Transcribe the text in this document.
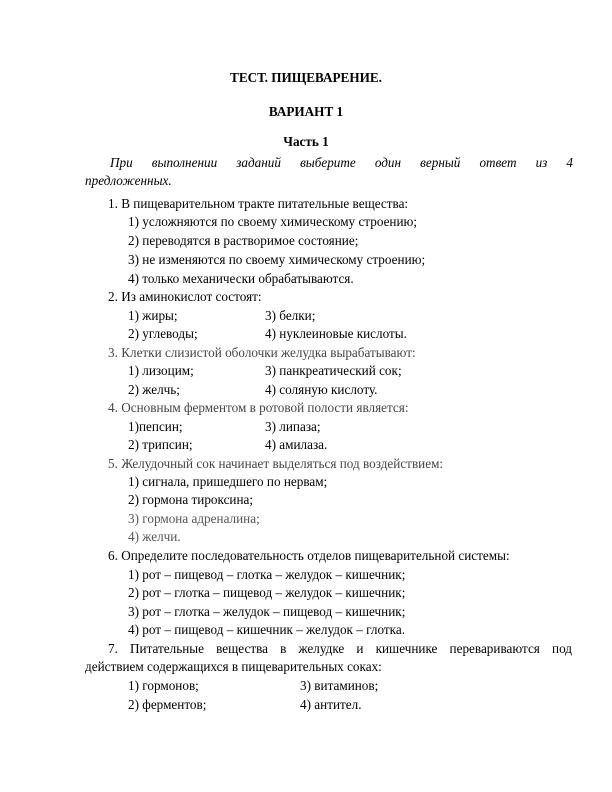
ТЕСТ. ПИЩЕВАРЕНИЕ.
ВАРИАНТ 1
Часть 1
При выполнении заданий выберите один верный ответ из 4
предложенных.
1. В пищеварительном тракте питательные вещества:
1) усложняются по своему химическому строению;
2) переводятся в растворимое состояние;
3) не изменяются по своему химическому строению;
4) только механически обрабатываются.
2. Из аминокислот состоят:
1) жиры;	3) белки;
2) углеводы;	4) нуклеиновые кислоты.
3. Клетки слизистой оболочки желудка вырабатывают:
1) лизоцим;	3) панкреатический сок;
2) желчь;	4) соляную кислоту.
4. Основным ферментом в ротовой полости является:
1)пепсин;	3) липаза;
2) трипсин;	4) амилаза.
5. Желудочный сок начинает выделяться под воздействием:
1) сигнала, пришедшего по нервам;
2) гормона тироксина;
3) гормона адреналина;
4) желчи.
6. Определите последовательность отделов пищеварительной системы:
1) рот – пищевод – глотка – желудок – кишечник;
2) рот – глотка – пищевод – желудок – кишечник;
3) рот – глотка – желудок – пищевод – кишечник;
4) рот – пищевод – кишечник – желудок – глотка.
7. Питательные вещества в желудке и кишечнике перевариваются под
действием содержащихся в пищеварительных соках:
1) гормонов;	3) витаминов;
2) ферментов;	4) антител.
